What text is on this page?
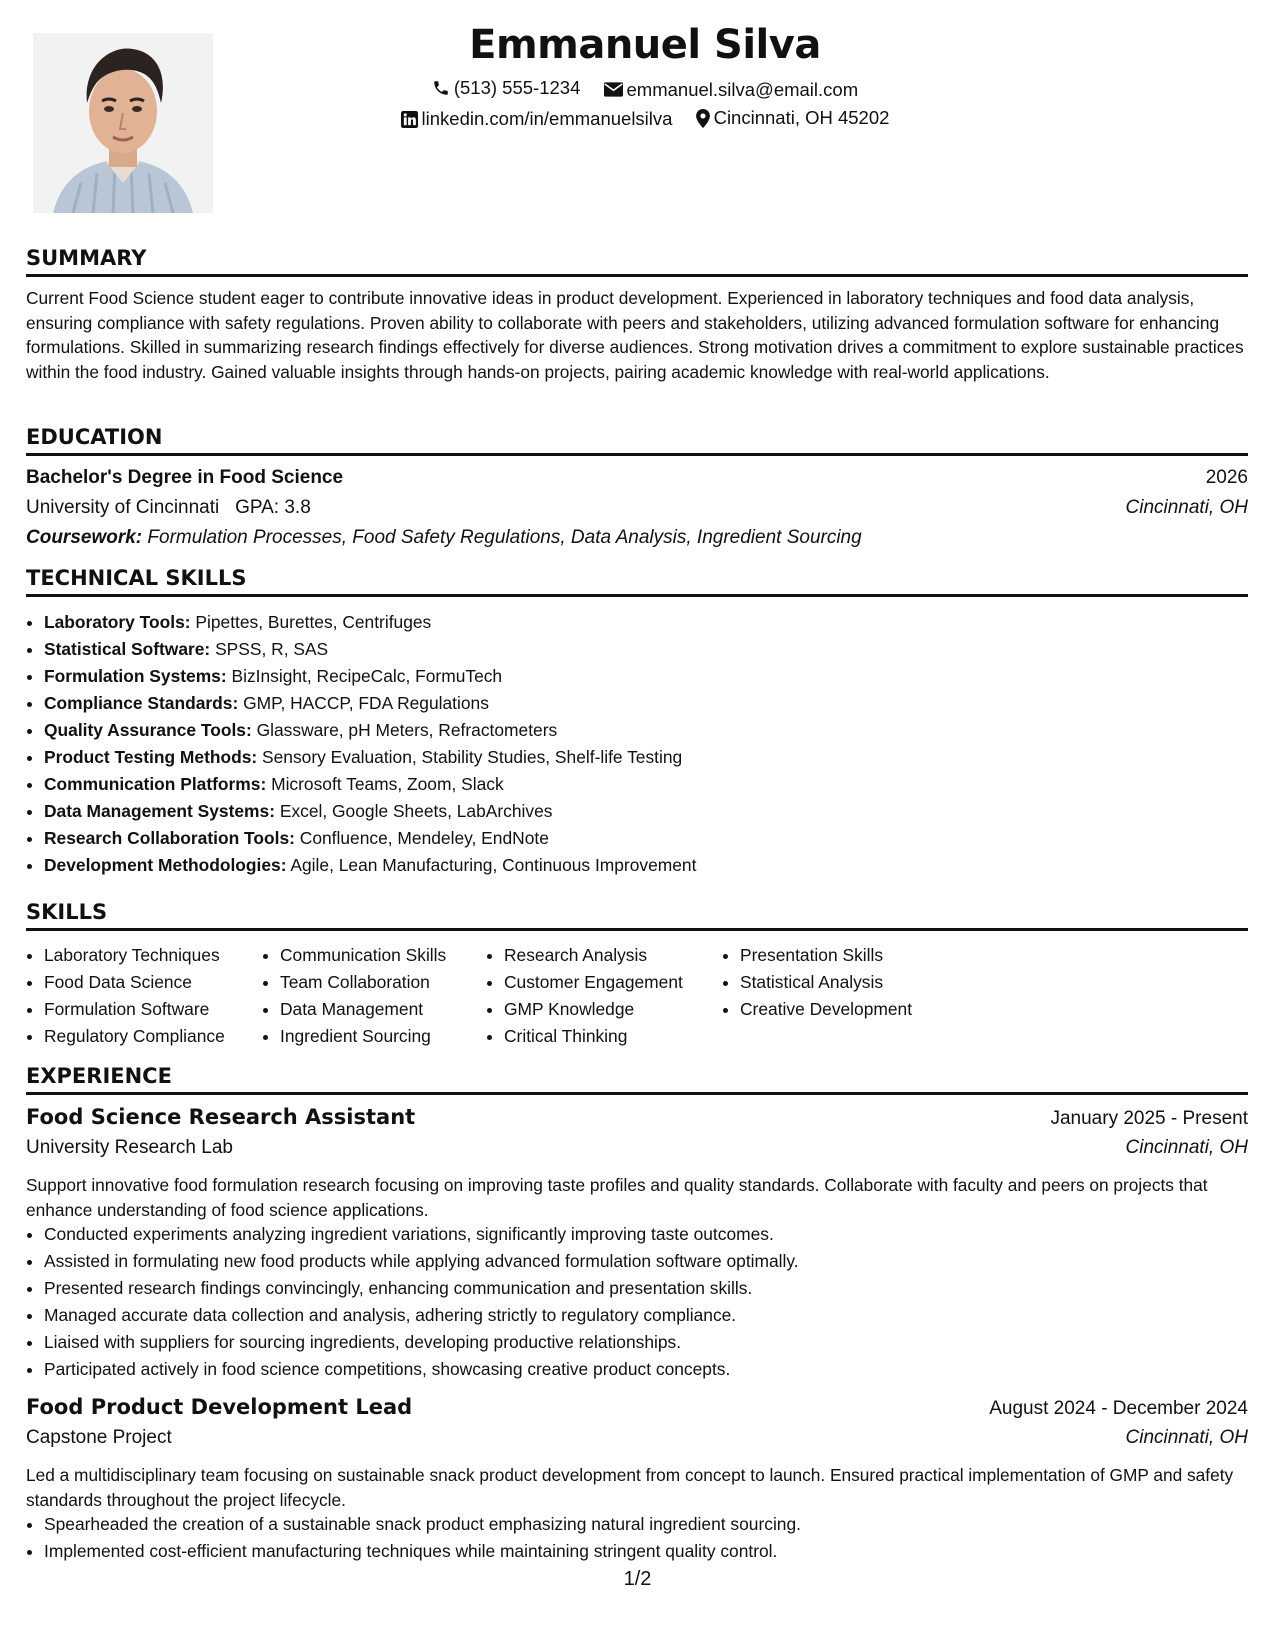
Emmanuel Silva
(513) 555-1234
emmanuel.silva@email.com
linkedin.com/in/emmanuelsilva
Cincinnati, OH 45202
SUMMARY
Current Food Science student eager to contribute innovative ideas in product development. Experienced in laboratory techniques and food data analysis, ensuring compliance with safety regulations. Proven ability to collaborate with peers and stakeholders, utilizing advanced formulation software for enhancing formulations. Skilled in summarizing research findings effectively for diverse audiences. Strong motivation drives a commitment to explore sustainable practices within the food industry. Gained valuable insights through hands-on projects, pairing academic knowledge with real-world applications.
EDUCATION
Bachelor's Degree in Food Science	2026
University of Cincinnati GPA: 3.8	Cincinnati, OH
Coursework: Formulation Processes, Food Safety Regulations, Data Analysis, Ingredient Sourcing
TECHNICAL SKILLS
• Laboratory Tools: Pipettes, Burettes, Centrifuges
• Statistical Software: SPSS, R, SAS
• Formulation Systems: BizInsight, RecipeCalc, FormuTech
• Compliance Standards: GMP, HACCP, FDA Regulations
• Quality Assurance Tools: Glassware, pH Meters, Refractometers
• Product Testing Methods: Sensory Evaluation, Stability Studies, Shelf-life Testing
• Communication Platforms: Microsoft Teams, Zoom, Slack
• Data Management Systems: Excel, Google Sheets, LabArchives
• Research Collaboration Tools: Confluence, Mendeley, EndNote
• Development Methodologies: Agile, Lean Manufacturing, Continuous Improvement
SKILLS
• Laboratory Techniques
• Food Data Science
• Formulation Software
• Regulatory Compliance
• Communication Skills
• Team Collaboration
• Data Management
• Ingredient Sourcing
• Research Analysis
• Customer Engagement
• GMP Knowledge
• Critical Thinking
• Presentation Skills
• Statistical Analysis
• Creative Development
EXPERIENCE
Food Science Research Assistant	January 2025 - Present
University Research Lab	Cincinnati, OH
Support innovative food formulation research focusing on improving taste profiles and quality standards. Collaborate with faculty and peers on projects that enhance understanding of food science applications.
• Conducted experiments analyzing ingredient variations, significantly improving taste outcomes.
• Assisted in formulating new food products while applying advanced formulation software optimally.
• Presented research findings convincingly, enhancing communication and presentation skills.
• Managed accurate data collection and analysis, adhering strictly to regulatory compliance.
• Liaised with suppliers for sourcing ingredients, developing productive relationships.
• Participated actively in food science competitions, showcasing creative product concepts.
Food Product Development Lead	August 2024 - December 2024
Capstone Project	Cincinnati, OH
Led a multidisciplinary team focusing on sustainable snack product development from concept to launch. Ensured practical implementation of GMP and safety standards throughout the project lifecycle.
• Spearheaded the creation of a sustainable snack product emphasizing natural ingredient sourcing.
• Implemented cost-efficient manufacturing techniques while maintaining stringent quality control.
1/2
